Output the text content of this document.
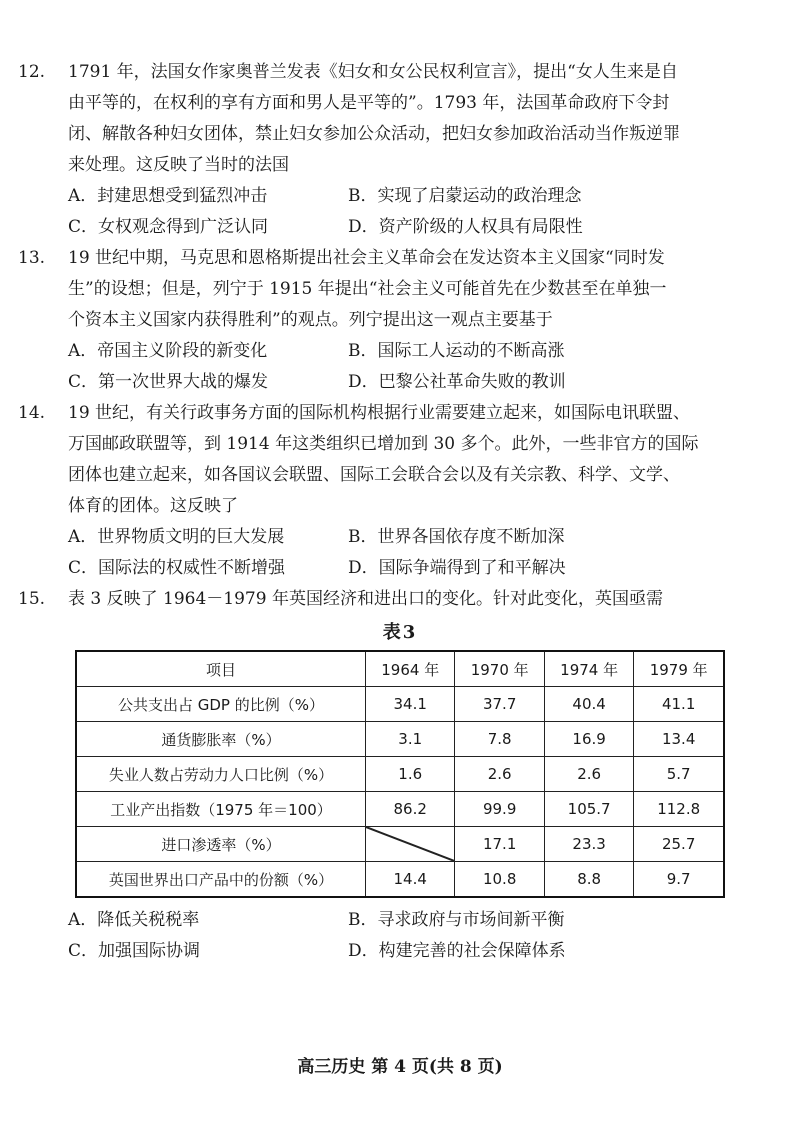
12. 1791 年，法国女作家奥普兰发表《妇女和女公民权利宣言》，提出“女人生来是自
由平等的，在权利的享有方面和男人是平等的”。1793 年，法国革命政府下令封
闭、解散各种妇女团体，禁止妇女参加公众活动，把妇女参加政治活动当作叛逆罪
来处理。这反映了当时的法国
A．封建思想受到猛烈冲击	B．实现了启蒙运动的政治理念
C．女权观念得到广泛认同	D．资产阶级的人权具有局限性
13. 19 世纪中期，马克思和恩格斯提出社会主义革命会在发达资本主义国家“同时发
生”的设想；但是，列宁于 1915 年提出“社会主义可能首先在少数甚至在单独一
个资本主义国家内获得胜利”的观点。列宁提出这一观点主要基于
A．帝国主义阶段的新变化	B．国际工人运动的不断高涨
C．第一次世界大战的爆发	D．巴黎公社革命失败的教训
14. 19 世纪，有关行政事务方面的国际机构根据行业需要建立起来，如国际电讯联盟、
万国邮政联盟等，到 1914 年这类组织已增加到 30 多个。此外，一些非官方的国际
团体也建立起来，如各国议会联盟、国际工会联合会以及有关宗教、科学、文学、
体育的团体。这反映了
A．世界物质文明的巨大发展	B．世界各国依存度不断加深
C．国际法的权威性不断增强	D．国际争端得到了和平解决
15. 表 3 反映了 1964－1979 年英国经济和进出口的变化。针对此变化，英国亟需
表3
项目	1964 年	1970 年	1974 年	1979 年
公共支出占 GDP 的比例（%）	34.1	37.7	40.4	41.1
通货膨胀率（%）	3.1	7.8	16.9	13.4
失业人数占劳动力人口比例（%）	1.6	2.6	2.6	5.7
工业产出指数（1975 年＝100）	86.2	99.9	105.7	112.8
进口渗透率（%）		17.1	23.3	25.7
英国世界出口产品中的份额（%）	14.4	10.8	8.8	9.7
A．降低关税税率	B．寻求政府与市场间新平衡
C．加强国际协调	D．构建完善的社会保障体系
高三历史 第 4 页(共 8 页)
